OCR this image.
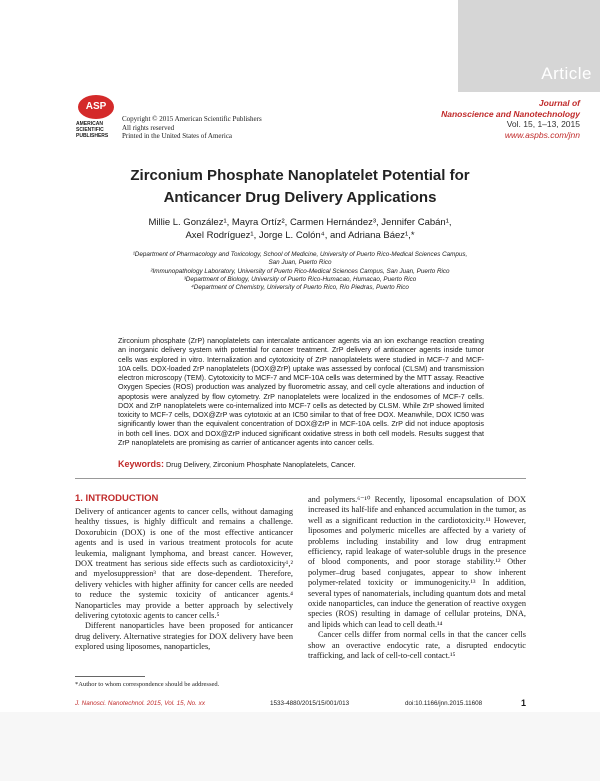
Article
ASP
AMERICAN
SCIENTIFIC
PUBLISHERS
Copyright © 2015 American Scientific Publishers
All rights reserved
Printed in the United States of America
Journal of
Nanoscience and Nanotechnology
Vol. 15, 1–13, 2015
www.aspbs.com/jnn
Zirconium Phosphate Nanoplatelet Potential for
Anticancer Drug Delivery Applications
Millie L. González¹, Mayra Ortíz², Carmen Hernández³, Jennifer Cabán¹,
Axel Rodríguez¹, Jorge L. Colón⁴, and Adriana Báez¹,*
¹Department of Pharmacology and Toxicology, School of Medicine, University of Puerto Rico-Medical Sciences Campus,
San Juan, Puerto Rico
²Immunopathology Laboratory, University of Puerto Rico-Medical Sciences Campus, San Juan, Puerto Rico
³Department of Biology, University of Puerto Rico-Humacao, Humacao, Puerto Rico
⁴Department of Chemistry, University of Puerto Rico, Río Piedras, Puerto Rico
Zirconium phosphate (ZrP) nanoplatelets can intercalate anticancer agents via an ion exchange reaction creating an inorganic delivery system with potential for cancer treatment. ZrP delivery of anticancer agents inside tumor cells was explored in vitro. Internalization and cytotoxicity of ZrP nanoplatelets were studied in MCF-7 and MCF-10A cells. DOX-loaded ZrP nanoplatelets (DOX@ZrP) uptake was assessed by confocal (CLSM) and transmission electron microscopy (TEM). Cytotoxicity to MCF-7 and MCF-10A cells was determined by the MTT assay. Reactive Oxygen Species (ROS) production was analyzed by fluorometric assay, and cell cycle alterations and induction of apoptosis were analyzed by flow cytometry. ZrP nanoplatelets were localized in the endosomes of MCF-7 cells. DOX and ZrP nanoplatelets were co-internalized into MCF-7 cells as detected by CLSM. While ZrP showed limited toxicity to MCF-7 cells, DOX@ZrP was cytotoxic at an IC50 similar to that of free DOX. Meanwhile, DOX IC50 was significantly lower than the equivalent concentration of DOX@ZrP in MCF-10A cells. ZrP did not induce apoptosis in both cell lines. DOX and DOX@ZrP induced significant oxidative stress in both cell models. Results suggest that ZrP nanoplatelets are promising as carrier of anticancer agents into cancer cells.
Keywords: Drug Delivery, Zirconium Phosphate Nanoplatelets, Cancer.
1. INTRODUCTION

Delivery of anticancer agents to cancer cells, without damaging healthy tissues, is highly difficult and remains a challenge. Doxorubicin (DOX) is one of the most effective anticancer agents and is used in various treatment protocols for acute leukemia, malignant lymphoma, and breast cancer. However, DOX treatment has serious side effects such as cardiotoxicity¹,² and myelosuppression³ that are dose-dependent. Therefore, delivery vehicles with higher affinity for cancer cells are needed to reduce the systemic toxicity of anticancer agents.⁴ Nanoparticles may provide a better approach by selectively delivering cytotoxic agents to cancer cells.⁵

Different nanoparticles have been proposed for anticancer drug delivery. Alternative strategies for DOX delivery have been explored using liposomes, nanoparticles,

and polymers.⁶⁻¹⁰ Recently, liposomal encapsulation of DOX increased its half-life and enhanced accumulation in the tumor, as well as a significant reduction in the cardiotoxicity.¹¹ However, liposomes and polymeric micelles are affected by a variety of problems including instability and low drug entrapment efficiency, rapid leakage of water-soluble drugs in the presence of blood components, and poor storage stability.¹² Other polymer–drug based conjugates, appear to show inherent polymer-related toxicity or immunogenicity.¹³ In addition, several types of nanomaterials, including quantum dots and metal oxide nanoparticles, can induce the generation of reactive oxygen species (ROS) resulting in damage of cellular proteins, DNA, and lipids which can lead to cell death.¹⁴

Cancer cells differ from normal cells in that the cancer cells show an overactive endocytic rate, a disrupted endocytic trafficking, and lack of cell-to-cell contact.¹⁵

*Author to whom correspondence should be addressed.
J. Nanosci. Nanotechnol. 2015, Vol. 15, No. xx	1533-4880/2015/15/001/013	doi:10.1166/jnn.2015.11608	1
